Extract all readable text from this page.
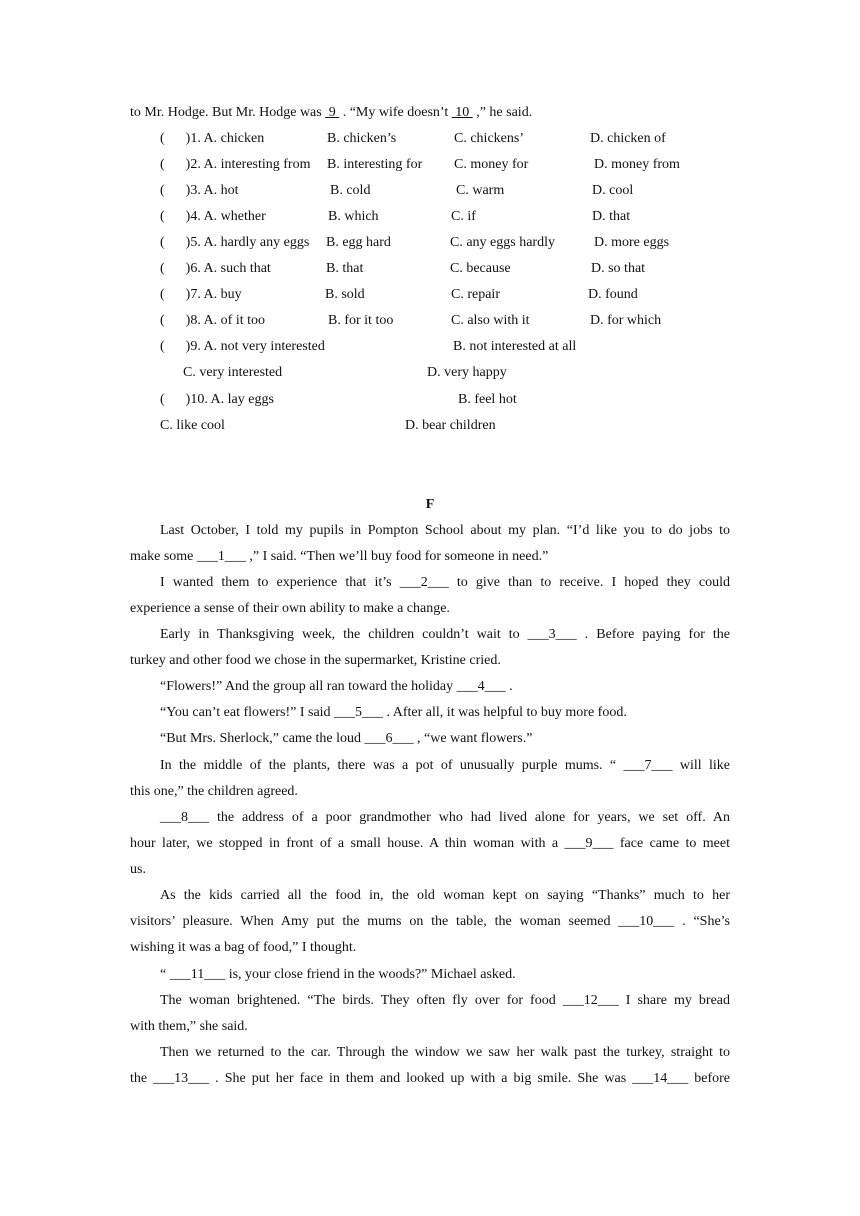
to Mr. Hodge. But Mr. Hodge was  9  . “My wife doesn’t  10  ,” he said.
(      )1. A. chicken	B. chicken’s	C. chickens’	D. chicken of
(      )2. A. interesting from B. interesting for C. money for	D. money from
(      )3. A. hot	B. cold	C. warm	D. cool
(      )4. A. whether	B. which	C. if	D. that
(      )5. A. hardly any eggs B. egg hard	C. any eggs hardly	D. more eggs
(      )6. A. such that	B. that	C. because	D. so that
(      )7. A. buy	B. sold	C. repair	D. found
(      )8. A. of it too	B. for it too	C. also with it	D. for which
(      )9. A. not very interested	B. not interested at all
C. very interested	D. very happy
(      )10. A. lay eggs	B. feel hot
C. like cool	D. bear children
F
Last October, I told my pupils in Pompton School about my plan. “I’d like you to do jobs to
make some ___1___ ,” I said. “Then we’ll buy food for someone in need.”
I wanted them to experience that it’s ___2___ to give than to receive. I hoped they could
experience a sense of their own ability to make a change.
Early in Thanksgiving week, the children couldn’t wait to ___3___ . Before paying for the
turkey and other food we chose in the supermarket, Kristine cried.
“Flowers!” And the group all ran toward the holiday ___4___ .
“You can’t eat flowers!” I said ___5___ . After all, it was helpful to buy more food.
“But Mrs. Sherlock,” came the loud ___6___ , “we want flowers.”
In the middle of the plants, there was a pot of unusually purple mums. “ ___7___ will like
this one,” the children agreed.
___8___ the address of a poor grandmother who had lived alone for years, we set off. An
hour later, we stopped in front of a small house. A thin woman with a ___9___ face came to meet
us.
As the kids carried all the food in, the old woman kept on saying “Thanks” much to her
visitors’ pleasure. When Amy put the mums on the table, the woman seemed ___10___ . “She’s
wishing it was a bag of food,” I thought.
“ ___11___ is, your close friend in the woods?” Michael asked.
The woman brightened. “The birds. They often fly over for food ___12___ I share my bread
with them,” she said.
Then we returned to the car. Through the window we saw her walk past the turkey, straight to
the ___13___ . She put her face in them and looked up with a big smile. She was ___14___ before
